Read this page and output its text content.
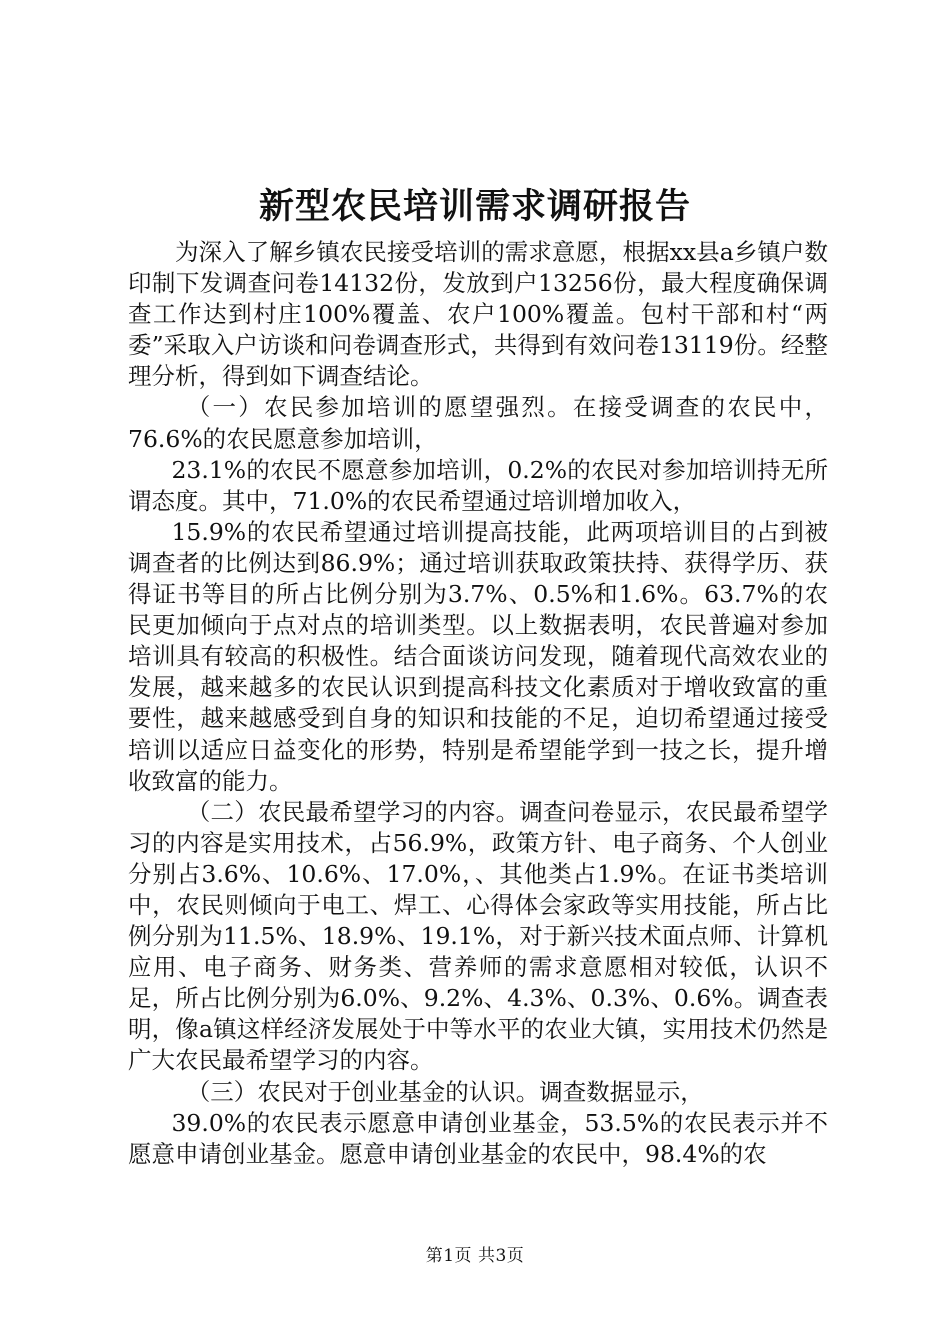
新型农民培训需求调研报告

为深入了解乡镇农民接受培训的需求意愿，根据xx县a乡镇户数印制下发调查问卷14132份，发放到户13256份，最大程度确保调查工作达到村庄100%覆盖、农户100%覆盖。包村干部和村“两委”采取入户访谈和问卷调查形式，共得到有效问卷13119份。经整理分析，得到如下调查结论。

（一）农民参加培训的愿望强烈。在接受调查的农民中，76.6%的农民愿意参加培训，

23.1%的农民不愿意参加培训，0.2%的农民对参加培训持无所谓态度。其中，71.0%的农民希望通过培训增加收入，

15.9%的农民希望通过培训提高技能，此两项培训目的占到被调查者的比例达到86.9%；通过培训获取政策扶持、获得学历、获得证书等目的所占比例分别为3.7%、0.5%和1.6%。63.7%的农民更加倾向于点对点的培训类型。以上数据表明，农民普遍对参加培训具有较高的积极性。结合面谈访问发现，随着现代高效农业的发展，越来越多的农民认识到提高科技文化素质对于增收致富的重要性，越来越感受到自身的知识和技能的不足，迫切希望通过接受培训以适应日益变化的形势，特别是希望能学到一技之长，提升增收致富的能力。

（二）农民最希望学习的内容。调查问卷显示，农民最希望学习的内容是实用技术，占56.9%，政策方针、电子商务、个人创业分别占3.6%、10.6%、17.0%，、其他类占1.9%。在证书类培训中，农民则倾向于电工、焊工、心得体会家政等实用技能，所占比例分别为11.5%、18.9%、19.1%，对于新兴技术面点师、计算机应用、电子商务、财务类、营养师的需求意愿相对较低，认识不足，所占比例分别为6.0%、9.2%、4.3%、0.3%、0.6%。调查表明，像a镇这样经济发展处于中等水平的农业大镇，实用技术仍然是广大农民最希望学习的内容。

（三）农民对于创业基金的认识。调查数据显示，

39.0%的农民表示愿意申请创业基金，53.5%的农民表示并不愿意申请创业基金。愿意申请创业基金的农民中，98.4%的农

第1页 共3页
